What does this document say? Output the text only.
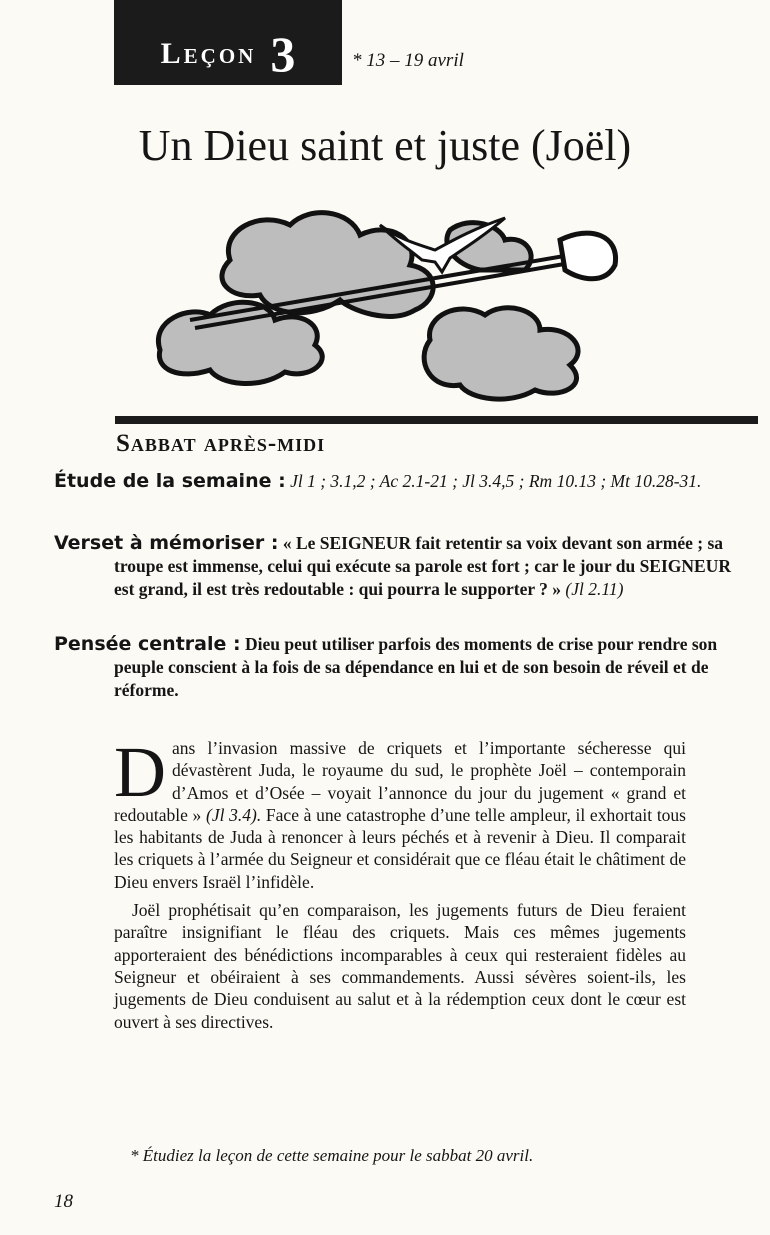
Leçon 3	* 13 – 19 avril
Un Dieu saint et juste (Joël)
Sabbat après-midi
Étude de la semaine : Jl 1 ; 3.1,2 ; Ac 2.1-21 ; Jl 3.4,5 ; Rm 10.13 ; Mt 10.28-31.
Verset à mémoriser : « Le SEIGNEUR fait retentir sa voix devant son armée ; sa troupe est immense, celui qui exécute sa parole est fort ; car le jour du SEIGNEUR est grand, il est très redoutable : qui pourra le supporter ? » (Jl 2.11)
Pensée centrale : Dieu peut utiliser parfois des moments de crise pour rendre son peuple conscient à la fois de sa dépendance en lui et de son besoin de réveil et de réforme.

Dans l’invasion massive de criquets et l’importante sécheresse qui dévastèrent Juda, le royaume du sud, le prophète Joël – contemporain d’Amos et d’Osée – voyait l’annonce du jour du jugement « grand et redoutable » (Jl 3.4). Face à une catastrophe d’une telle ampleur, il exhortait tous les habitants de Juda à renoncer à leurs péchés et à revenir à Dieu. Il comparait les criquets à l’armée du Seigneur et considérait que ce fléau était le châtiment de Dieu envers Israël l’infidèle.

Joël prophétisait qu’en comparaison, les jugements futurs de Dieu feraient paraître insignifiant le fléau des criquets. Mais ces mêmes jugements apporteraient des bénédictions incomparables à ceux qui resteraient fidèles au Seigneur et obéiraient à ses commandements. Aussi sévères soient-ils, les jugements de Dieu conduisent au salut et à la rédemption ceux dont le cœur est ouvert à ses directives.

* Étudiez la leçon de cette semaine pour le sabbat 20 avril.
18
